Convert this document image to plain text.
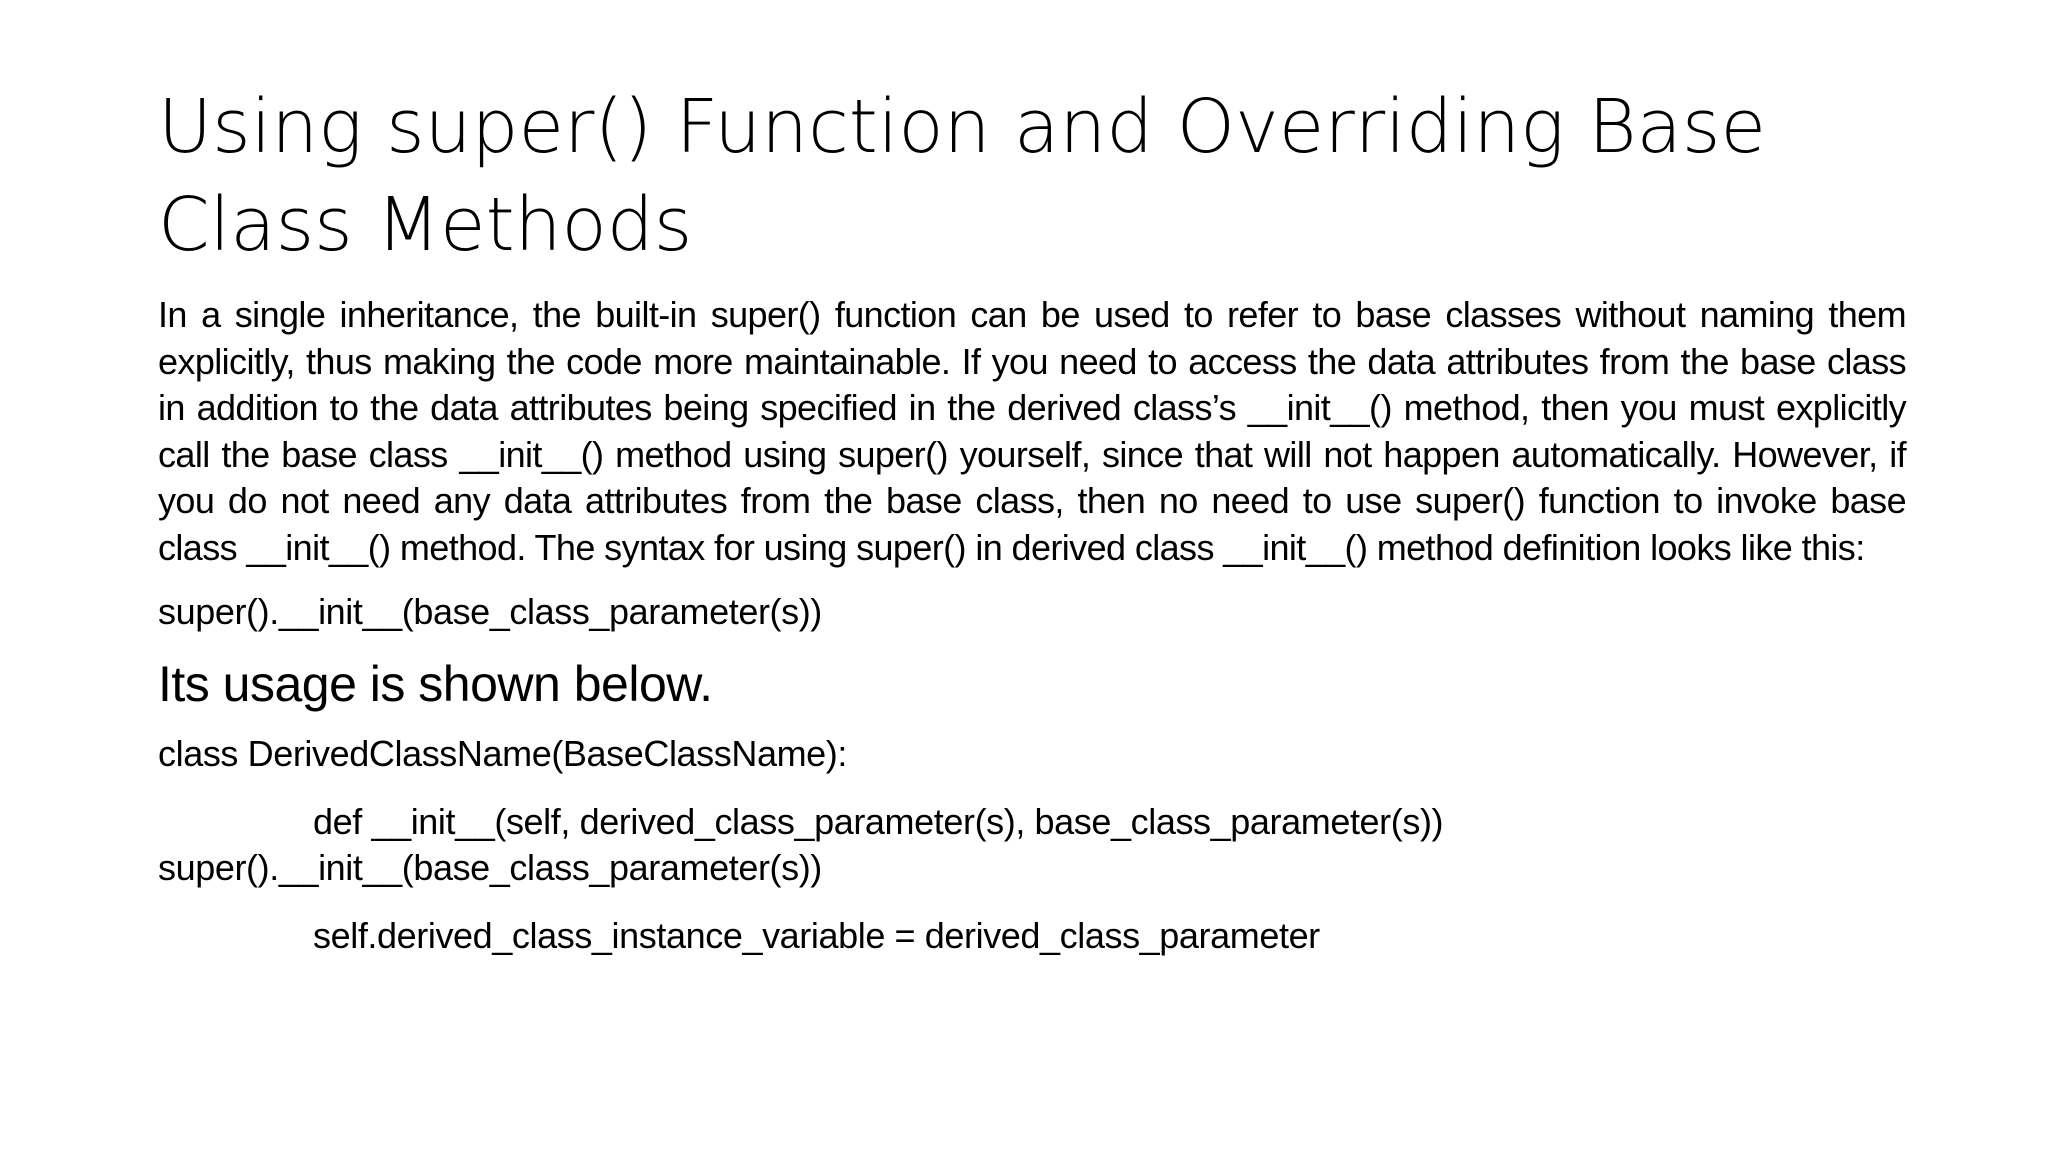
Using super() Function and Overriding Base Class Methods

In a single inheritance, the built-in super() function can be used to refer to base classes without naming them explicitly, thus making the code more maintainable. If you need to access the data attributes from the base class in addition to the data attributes being specified in the derived class’s __init__() method, then you must explicitly call the base class __init__() method using super() yourself, since that will not happen automatically. However, if you do not need any data attributes from the base class, then no need to use super() function to invoke base class __init__() method. The syntax for using super() in derived class __init__() method definition looks like this:

super().__init__(base_class_parameter(s))

Its usage is shown below.

class DerivedClassName(BaseClassName):

def __init__(self, derived_class_parameter(s), base_class_parameter(s))

super().__init__(base_class_parameter(s))

self.derived_class_instance_variable = derived_class_parameter
